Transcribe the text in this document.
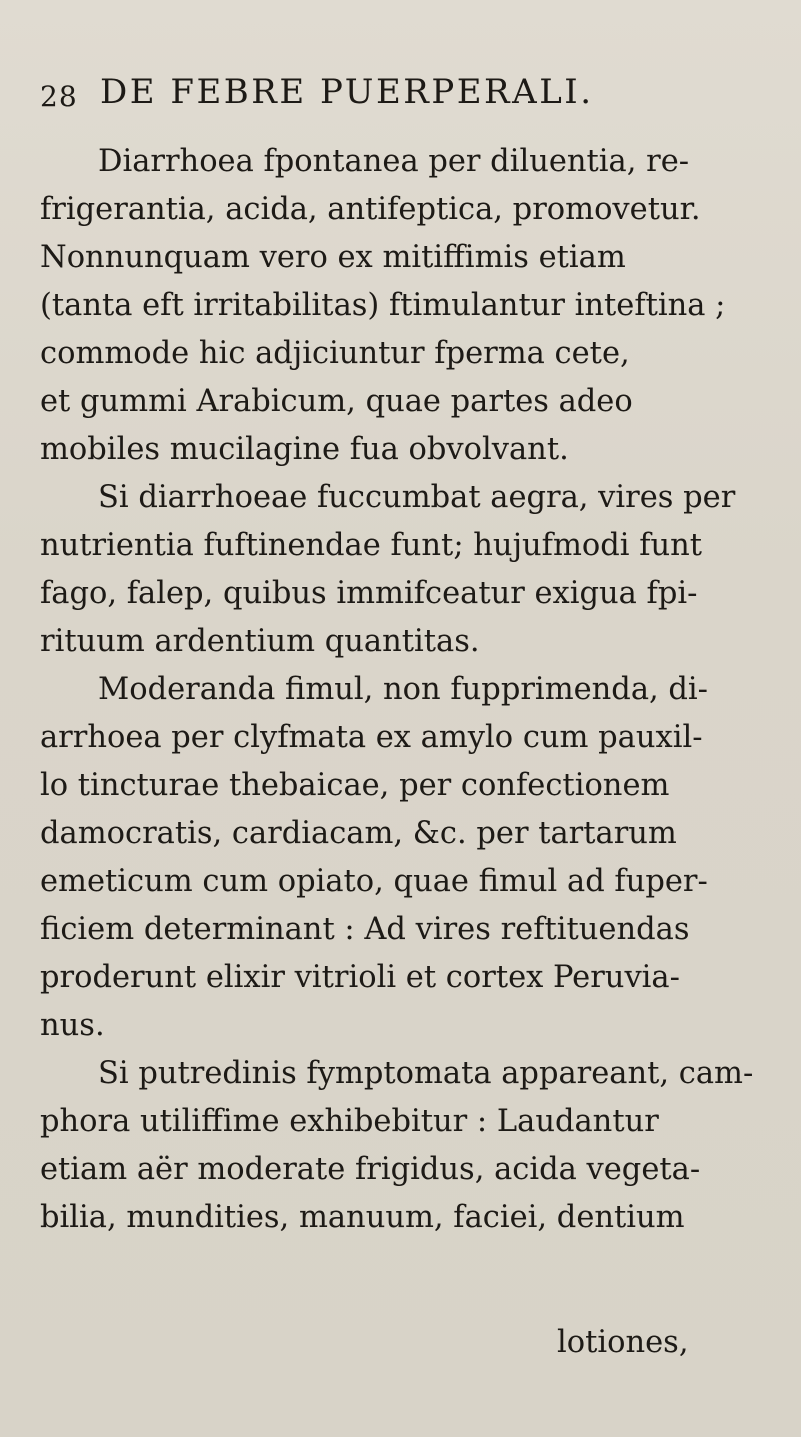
28 DE FEBRE PUERPERALI.
Diarrhoea fpontanea per diluentia, re-
frigerantia, acida, antifeptica, promovetur.
Nonnunquam vero ex mitiffimis etiam
(tanta eft irritabilitas) ftimulantur inteftina ;
commode hic adjiciuntur fperma cete,
et gummi Arabicum, quae partes adeo
mobiles mucilagine fua obvolvant.
Si diarrhoeae fuccumbat aegra, vires per
nutrientia fuftinendae funt; hujufmodi funt
fago, falep, quibus immifceatur exigua fpi-
rituum ardentium quantitas.
Moderanda fimul, non fupprimenda, di-
arrhoea per clyfmata ex amylo cum pauxil-
lo tincturae thebaicae, per confectionem
damocratis, cardiacam, &c. per tartarum
emeticum cum opiato, quae fimul ad fuper-
ficiem determinant : Ad vires reftituendas
proderunt elixir vitrioli et cortex Peruvia-
nus.
Si putredinis fymptomata appareant, cam-
phora utiliffime exhibebitur : Laudantur
etiam aër moderate frigidus, acida vegeta-
bilia, mundities, manuum, faciei, dentium
lotiones,
